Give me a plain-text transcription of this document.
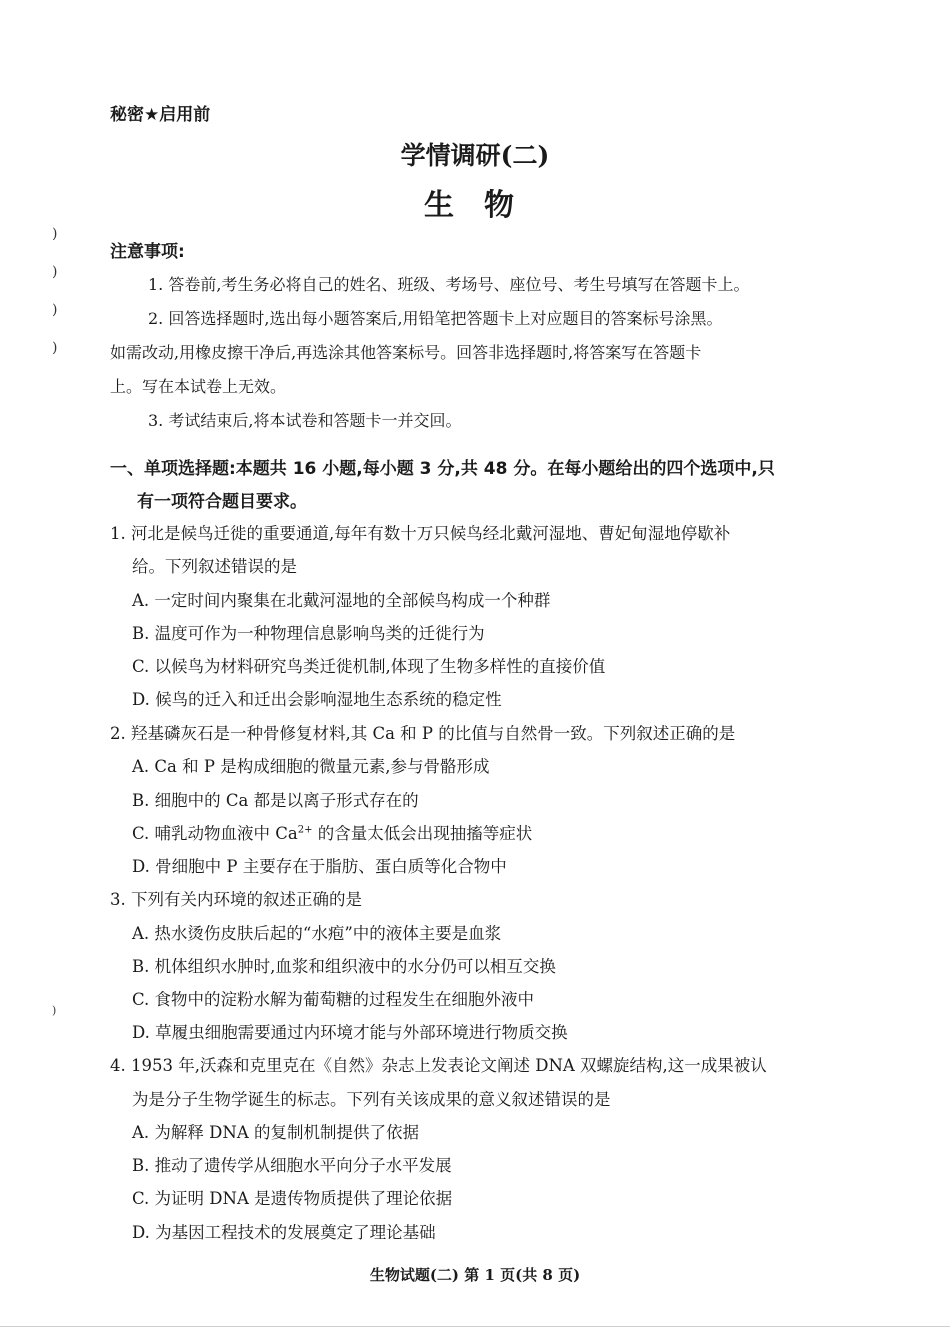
)
)
)
)
)
秘密★启用前
学情调研(二)
生物
注意事项:
1. 答卷前,考生务必将自己的姓名、班级、考场号、座位号、考生号填写在答题卡上。
2. 回答选择题时,选出每小题答案后,用铅笔把答题卡上对应题目的答案标号涂黑。
如需改动,用橡皮擦干净后,再选涂其他答案标号。回答非选择题时,将答案写在答题卡
上。写在本试卷上无效。
3. 考试结束后,将本试卷和答题卡一并交回。
一、单项选择题:本题共 16 小题,每小题 3 分,共 48 分。在每小题给出的四个选项中,只
有一项符合题目要求。
1. 河北是候鸟迁徙的重要通道,每年有数十万只候鸟经北戴河湿地、曹妃甸湿地停歇补
给。下列叙述错误的是
A. 一定时间内聚集在北戴河湿地的全部候鸟构成一个种群
B. 温度可作为一种物理信息影响鸟类的迁徙行为
C. 以候鸟为材料研究鸟类迁徙机制,体现了生物多样性的直接价值
D. 候鸟的迁入和迁出会影响湿地生态系统的稳定性
2. 羟基磷灰石是一种骨修复材料,其 Ca 和 P 的比值与自然骨一致。下列叙述正确的是
A. Ca 和 P 是构成细胞的微量元素,参与骨骼形成
B. 细胞中的 Ca 都是以离子形式存在的
C. 哺乳动物血液中 $Ca^{2+}$ 的含量太低会出现抽搐等症状
D. 骨细胞中 P 主要存在于脂肪、蛋白质等化合物中
3. 下列有关内环境的叙述正确的是
A. 热水烫伤皮肤后起的“水疱”中的液体主要是血浆
B. 机体组织水肿时,血浆和组织液中的水分仍可以相互交换
C. 食物中的淀粉水解为葡萄糖的过程发生在细胞外液中
D. 草履虫细胞需要通过内环境才能与外部环境进行物质交换
4. 1953 年,沃森和克里克在《自然》杂志上发表论文阐述 DNA 双螺旋结构,这一成果被认
为是分子生物学诞生的标志。下列有关该成果的意义叙述错误的是
A. 为解释 DNA 的复制机制提供了依据
B. 推动了遗传学从细胞水平向分子水平发展
C. 为证明 DNA 是遗传物质提供了理论依据
D. 为基因工程技术的发展奠定了理论基础
生物试题(二) 第 1 页(共 8 页)
